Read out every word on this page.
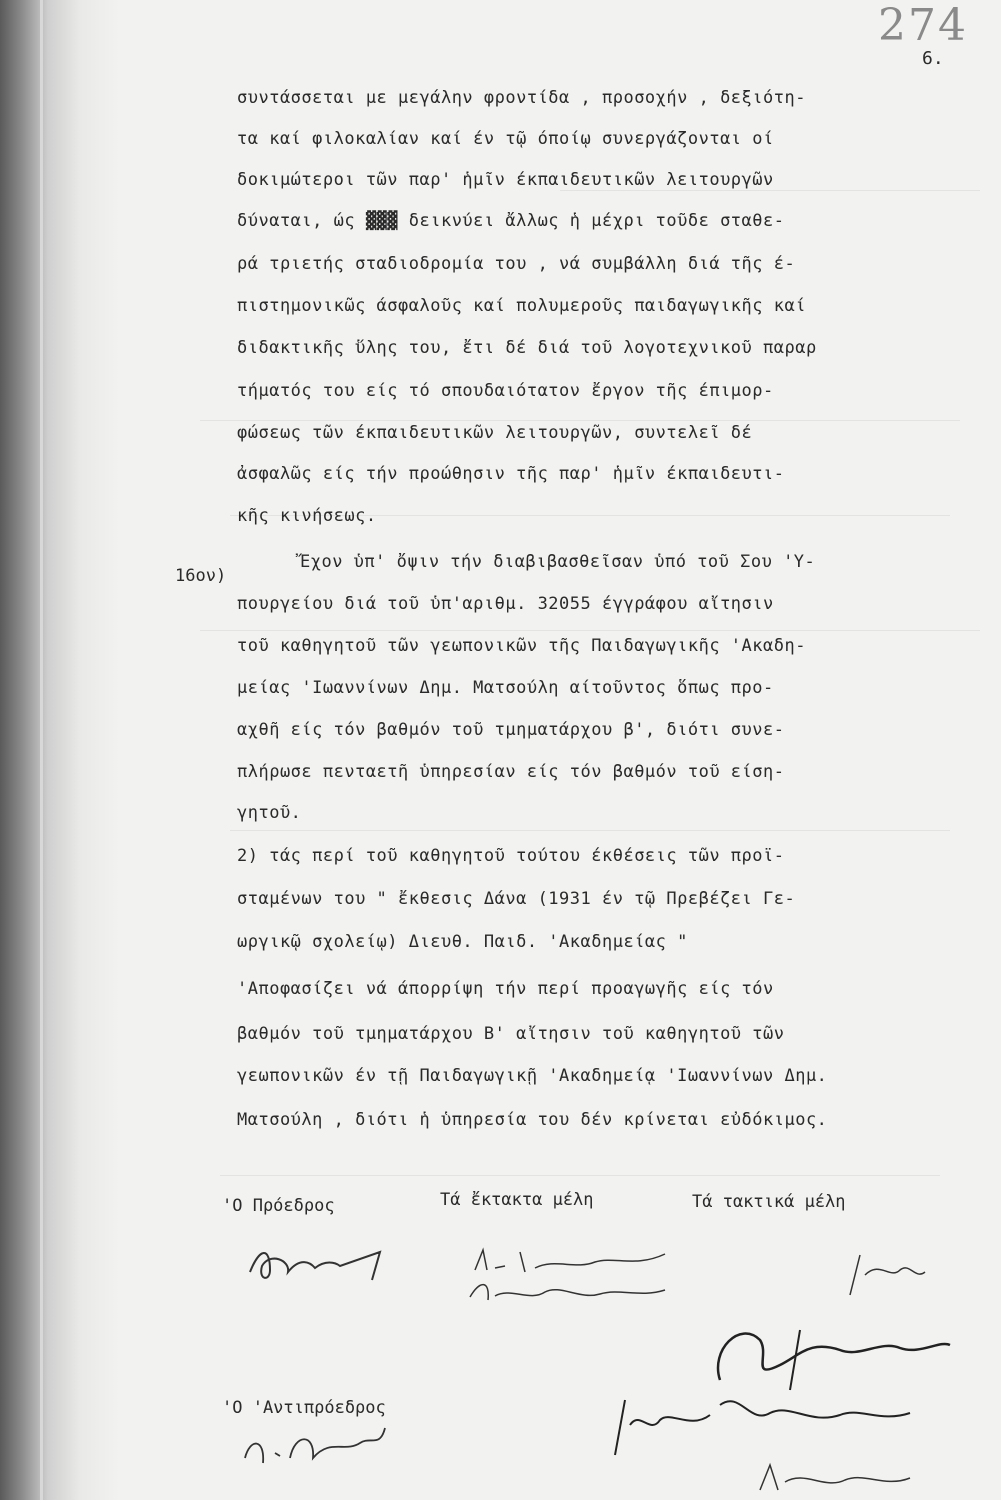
274
6.
συντάσσεται με μεγάλην φροντίδα , προσοχήν , δεξιότη-
τα καί φιλοκαλίαν καί έν τῷ όποίῳ συνεργάζονται οί
δοκιμώτεροι τῶν παρ' ἡμῖν έκπαιδευτικῶν λειτουργῶν
δύναται, ώς ▓▓▓ δεικνύει ἄλλως ἡ μέχρι τοῦδε σταθε-
ρά τριετής σταδιοδρομία του , νά συμβάλλη διά τῆς έ-
πιστημονικῶς άσφαλοῦς καί πολυμεροῦς παιδαγωγικῆς καί
διδακτικῆς ὕλης του, ἔτι δέ διά τοῦ λογοτεχνικοῦ παραρ
τήματός του είς τό σπουδαιότατον ἔργον τῆς έπιμορ-
φώσεως τῶν έκπαιδευτικῶν λειτουργῶν, συντελεῖ δέ
ἀσφαλῶς είς τήν προώθησιν τῆς παρ' ἡμῖν έκπαιδευτι-
κῆς κινήσεως.
16ον)
Ἔχον ὑπ' ὄψιν τήν διαβιβασθεῖσαν ὑπό τοῦ Σου 'Υ-
πουργείου διά τοῦ ὑπ'αριθμ. 32055 έγγράφου αἴτησιν
τοῦ καθηγητοῦ τῶν γεωπονικῶν τῆς Παιδαγωγικῆς 'Ακαδη-
μείας 'Ιωαννίνων Δημ. Ματσούλη αίτοῦντος ὅπως προ-
αχθῆ είς τόν βαθμόν τοῦ τμηματάρχου β', διότι συνε-
πλήρωσε πενταετῆ ὑπηρεσίαν είς τόν βαθμόν τοῦ είση-
γητοῦ.
2) τάς περί τοῦ καθηγητοῦ τούτου έκθέσεις τῶν προϊ-
σταμένων του " ἔκθεσις Δάνα (1931 έν τῷ Πρεβέζει Γε-
ωργικῷ σχολείῳ) Διευθ. Παιδ. 'Ακαδημείας "
'Αποφασίζει νά άπορρίψη τήν περί προαγωγῆς είς τόν
βαθμόν τοῦ τμηματάρχου Β' αἴτησιν τοῦ καθηγητοῦ τῶν
γεωπονικῶν έν τῇ Παιδαγωγικῇ 'Ακαδημείᾳ 'Ιωαννίνων Δημ.
Ματσούλη , διότι ἡ ὑπηρεσία του δέν κρίνεται εὐδόκιμος.
'Ο Πρόεδρος	Τά ἔκτακτα μέλη	Τά τακτικά μέλη
'Ο 'Αντιπρόεδρος
